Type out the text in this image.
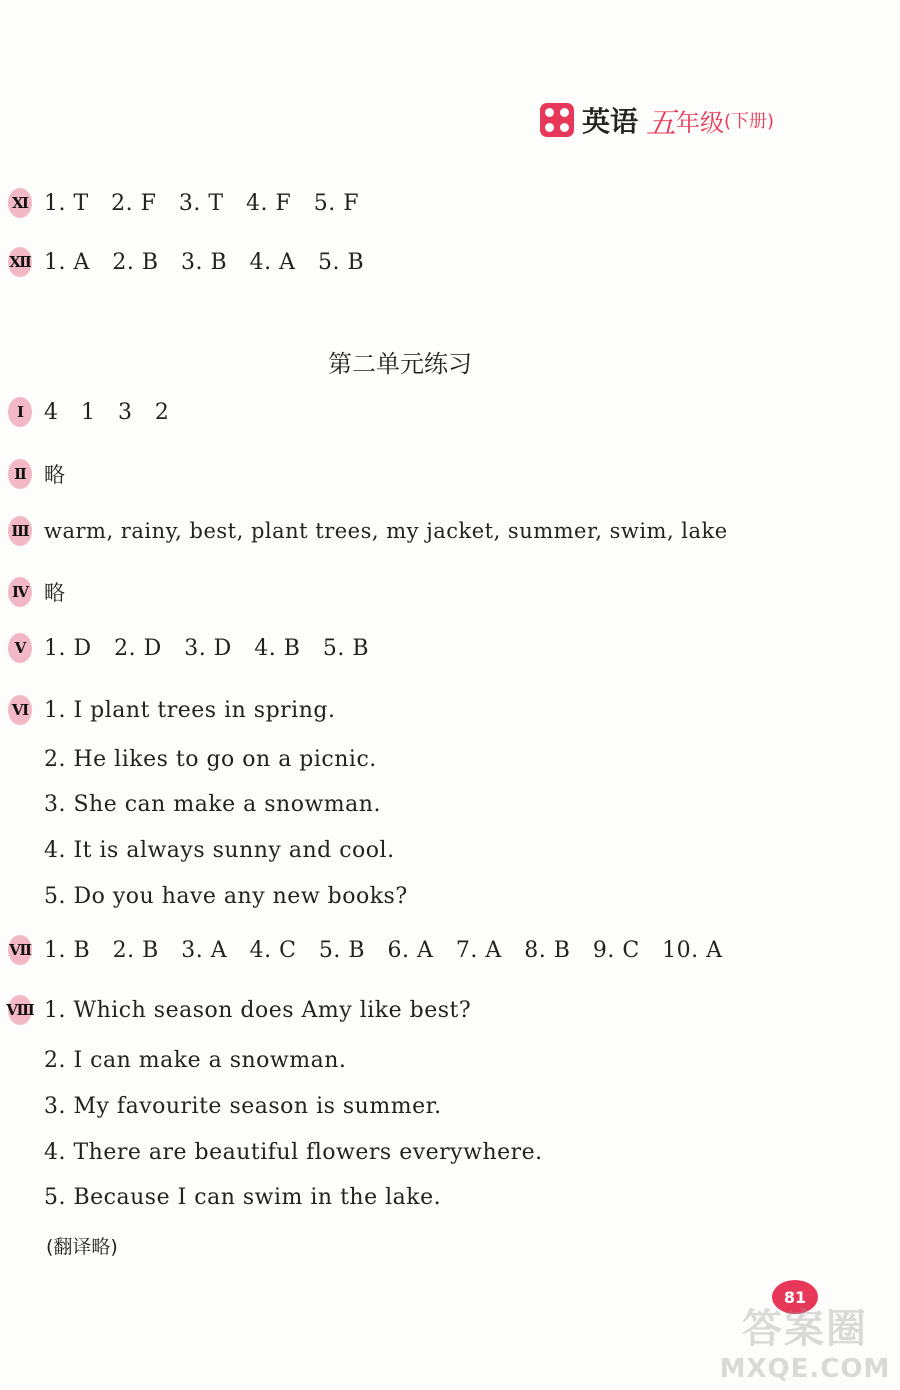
英语 五 年级 (下册)
Ⅺ 1. T   2. F   3. T   4. F   5. F
Ⅻ 1. A   2. B   3. B   4. A   5. B
第二单元练习
Ⅰ 4   1   3   2
Ⅱ 略
Ⅲ warm, rainy, best, plant trees, my jacket, summer, swim, lake
Ⅳ 略
Ⅴ 1. D   2. D   3. D   4. B   5. B
Ⅵ 1. I plant trees in spring.
2. He likes to go on a picnic.
3. She can make a snowman.
4. It is always sunny and cool.
5. Do you have any new books?
Ⅶ 1. B   2. B   3. A   4. C   5. B   6. A   7. A   8. B   9. C   10. A
Ⅷ 1. Which season does Amy like best?
2. I can make a snowman.
3. My favourite season is summer.
4. There are beautiful flowers everywhere.
5. Because I can swim in the lake.
(翻译略)
81
答案圈
MXQE.COM
